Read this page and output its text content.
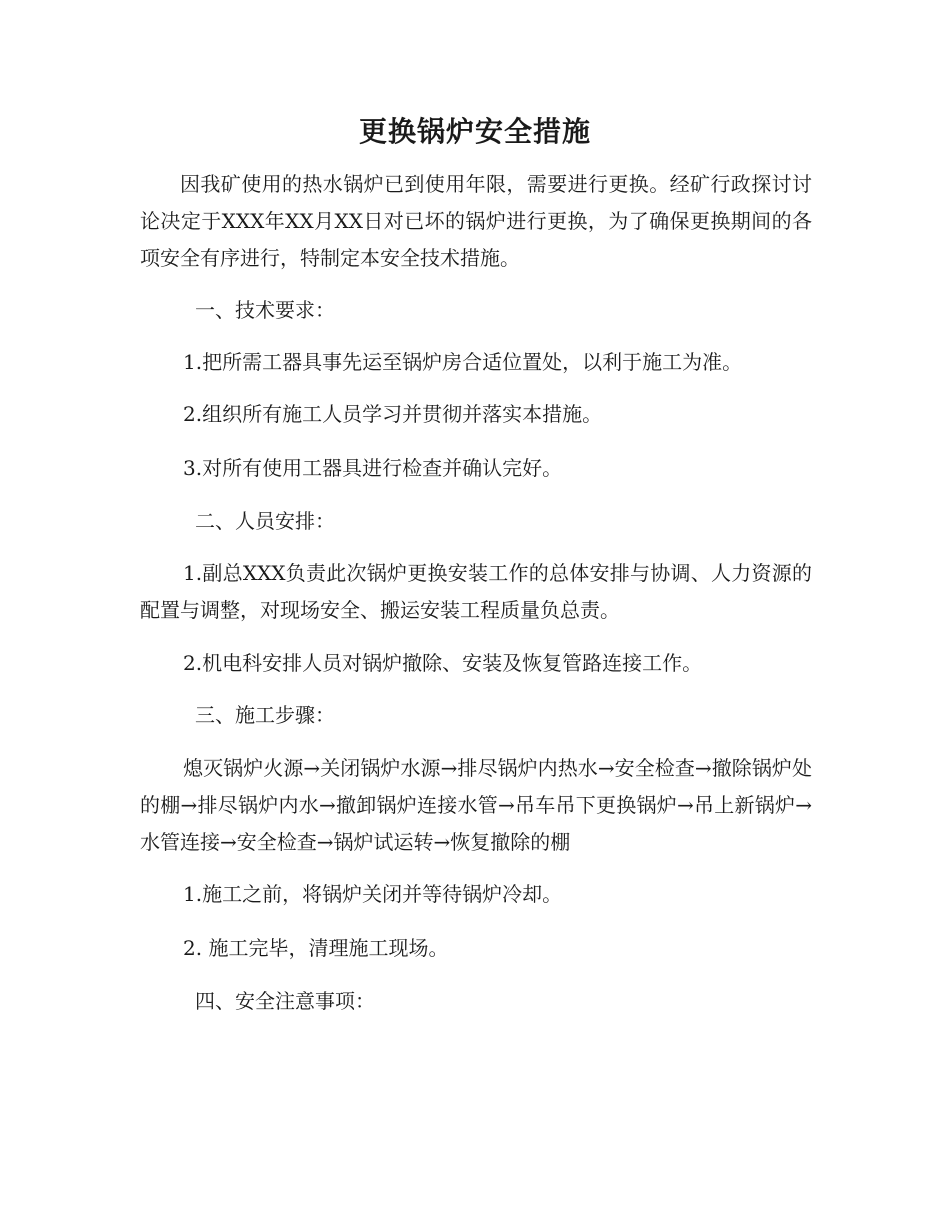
更换锅炉安全措施
因我矿使用的热水锅炉已到使用年限，需要进行更换。经矿行政探讨讨论决定于XXX年XX月XX日对已坏的锅炉进行更换，为了确保更换期间的各项安全有序进行，特制定本安全技术措施。
一、技术要求：
1.把所需工器具事先运至锅炉房合适位置处，以利于施工为准。
2.组织所有施工人员学习并贯彻并落实本措施。
3.对所有使用工器具进行检查并确认完好。
二、人员安排：
1.副总XXX负责此次锅炉更换安装工作的总体安排与协调、人力资源的配置与调整，对现场安全、搬运安装工程质量负总责。
2.机电科安排人员对锅炉撤除、安装及恢复管路连接工作。
三、施工步骤：
熄灭锅炉火源→关闭锅炉水源→排尽锅炉内热水→安全检查→撤除锅炉处的棚→排尽锅炉内水→撤卸锅炉连接水管→吊车吊下更换锅炉→吊上新锅炉→水管连接→安全检查→锅炉试运转→恢复撤除的棚
1.施工之前，将锅炉关闭并等待锅炉冷却。
2. 施工完毕，清理施工现场。
四、安全注意事项：
